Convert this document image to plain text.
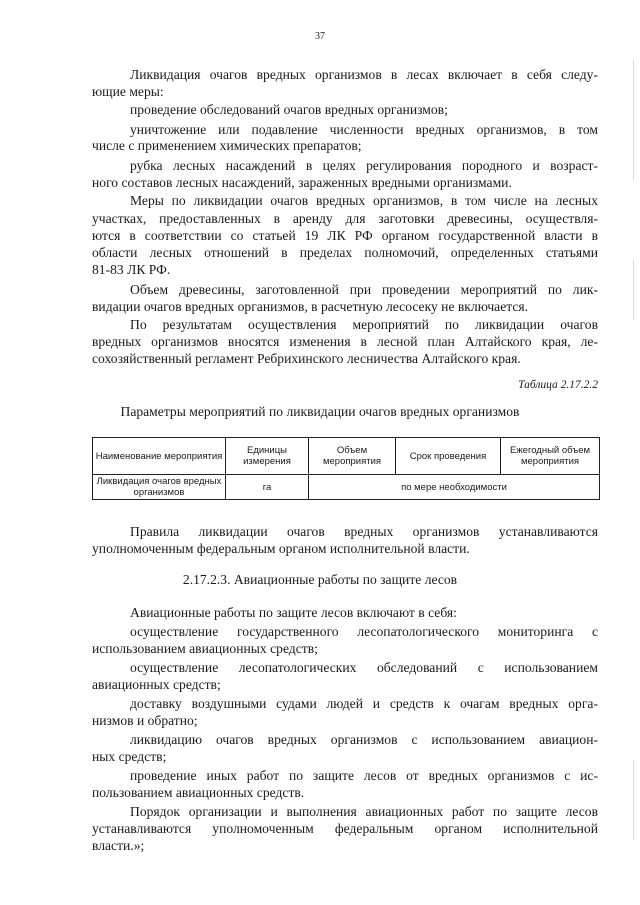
37
Ликвидация очагов вредных организмов в лесах включает в себя следу-
ющие меры:
проведение обследований очагов вредных организмов;
уничтожение или подавление численности вредных организмов, в том
числе с применением химических препаратов;
рубка лесных насаждений в целях регулирования породного и возраст-
ного составов лесных насаждений, зараженных вредными организмами.
Меры по ликвидации очагов вредных организмов, в том числе на лесных
участках, предоставленных в аренду для заготовки древесины, осуществля-
ются в соответствии со статьей 19 ЛК РФ органом государственной власти в
области лесных отношений в пределах полномочий, определенных статьями
81-83 ЛК РФ.
Объем древесины, заготовленной при проведении мероприятий по лик-
видации очагов вредных организмов, в расчетную лесосеку не включается.
По результатам осуществления мероприятий по ликвидации очагов
вредных организмов вносятся изменения в лесной план Алтайского края, ле-
сохозяйственный регламент Ребрихинского лесничества Алтайского края.
Таблица 2.17.2.2
Параметры мероприятий по ликвидации очагов вредных организмов
Наименование мероприятия	Единицы измерения	Объем мероприятия	Срок проведения	Ежегодный объем мероприятия
Ликвидация очагов вредных организмов	га	по мере необходимости		
Правила ликвидации очагов вредных организмов устанавливаются
уполномоченным федеральным органом исполнительной власти.
2.17.2.3. Авиационные работы по защите лесов
Авиационные работы по защите лесов включают в себя:
осуществление государственного лесопатологического мониторинга с
использованием авиационных средств;
осуществление лесопатологических обследований с использованием
авиационных средств;
доставку воздушными судами людей и средств к очагам вредных орга-
низмов и обратно;
ликвидацию очагов вредных организмов с использованием авиацион-
ных средств;
проведение иных работ по защите лесов от вредных организмов с ис-
пользованием авиационных средств.
Порядок организации и выполнения авиационных работ по защите лесов
устанавливаются уполномоченным федеральным органом исполнительной
власти.»;
